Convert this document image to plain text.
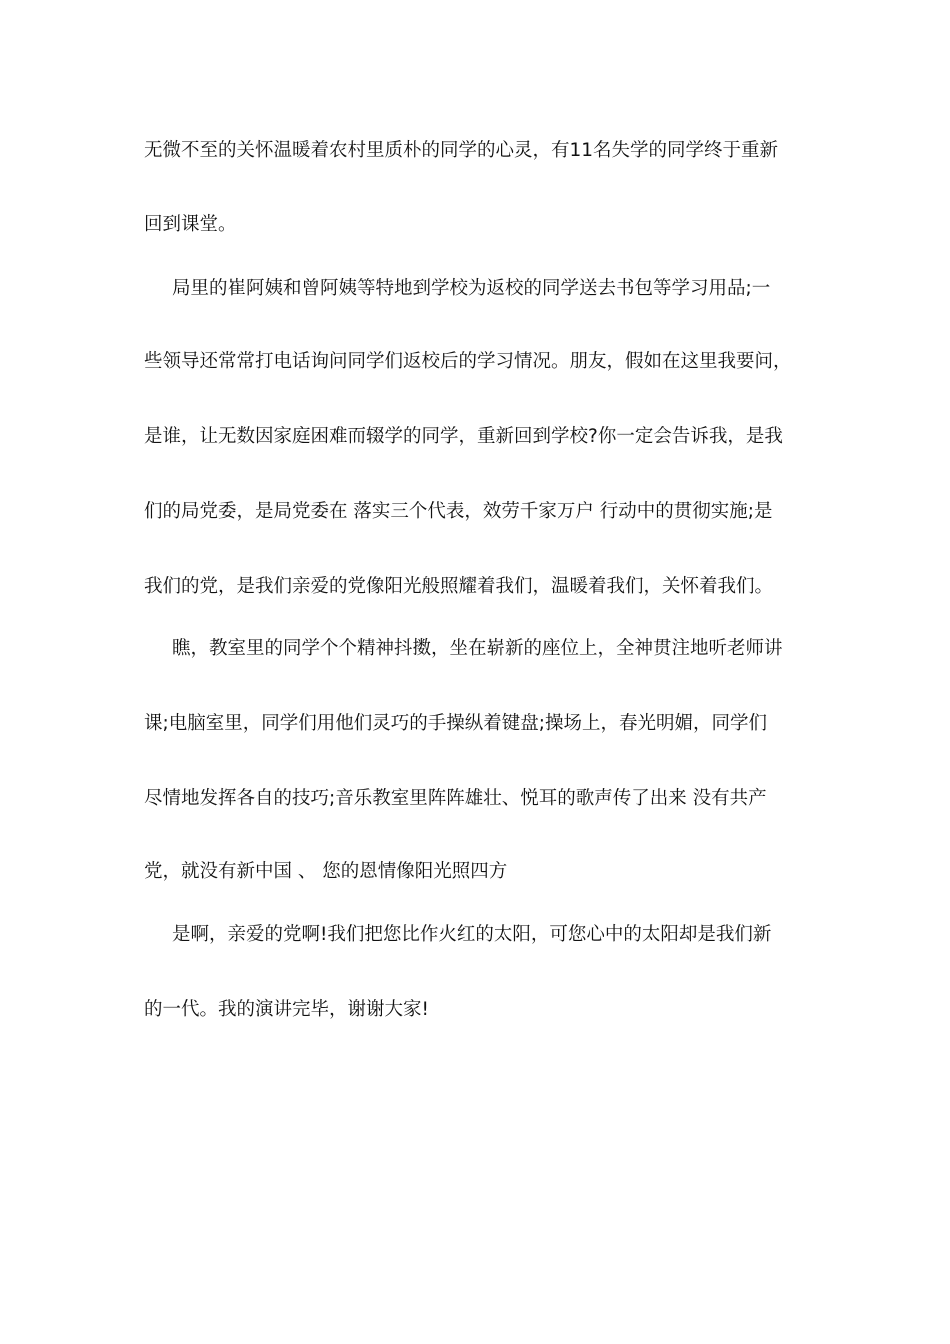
无微不至的关怀温暖着农村里质朴的同学的心灵，有11名失学的同学终于重新
回到课堂。
局里的崔阿姨和曾阿姨等特地到学校为返校的同学送去书包等学习用品;一
些领导还常常打电话询问同学们返校后的学习情况。朋友，假如在这里我要问，
是谁，让无数因家庭困难而辍学的同学，重新回到学校?你一定会告诉我，是我
们的局党委，是局党委在 落实三个代表，效劳千家万户 行动中的贯彻实施;是
我们的党，是我们亲爱的党像阳光般照耀着我们，温暖着我们，关怀着我们。
瞧，教室里的同学个个精神抖擞，坐在崭新的座位上，全神贯注地听老师讲
课;电脑室里，同学们用他们灵巧的手操纵着键盘;操场上，春光明媚，同学们
尽情地发挥各自的技巧;音乐教室里阵阵雄壮、悦耳的歌声传了出来 没有共产
党，就没有新中国 、 您的恩情像阳光照四方
是啊，亲爱的党啊!我们把您比作火红的太阳，可您心中的太阳却是我们新
的一代。我的演讲完毕，谢谢大家!
